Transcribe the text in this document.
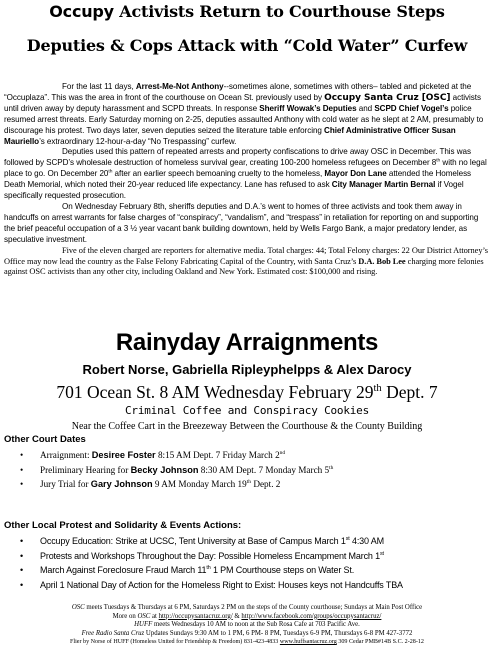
Occupy Activists Return to Courthouse Steps
Deputies & Cops Attack with “Cold Water” Curfew

For the last 11 days, Arrest-Me-Not Anthony--sometimes alone, sometimes with others– tabled and picketed at the “Occuplaza”. This was the area in front of the courthouse on Ocean St. previously used by Occupy Santa Cruz [OSC] activists until driven away by deputy harassment and SCPD threats. In response Sheriff Wowak’s Deputies and SCPD Chief Vogel’s police resumed arrest threats. Early Saturday morning on 2-25, deputies assaulted Anthony with cold water as he slept at 2 AM, presumably to discourage his protest. Two days later, seven deputies seized the literature table enforcing Chief Administrative Officer Susan Mauriello’s extraordinary 12-hour-a-day “No Trespassing” curfew.

Deputies used this pattern of repeated arrests and property confiscations to drive away OSC in December. This was followed by SCPD’s wholesale destruction of homeless survival gear, creating 100-200 homeless refugees on December 8th with no legal place to go. On December 20th after an earlier speech bemoaning cruelty to the homeless, Mayor Don Lane attended the Homeless Death Memorial, which noted their 20-year reduced life expectancy. Lane has refused to ask City Manager Martin Bernal if Vogel specifically requested prosecution.

On Wednesday February 8th, sheriffs deputies and D.A.’s went to homes of three activists and took them away in handcuffs on arrest warrants for false charges of “conspiracy”, “vandalism”, and “trespass” in retaliation for reporting on and supporting the brief peaceful occupation of a 3 ½ year vacant bank building downtown, held by Wells Fargo Bank, a major predatory lender, as speculative investment.

Five of the eleven charged are reporters for alternative media. Total charges: 44; Total Felony charges: 22 Our District Attorney’s Office may now lead the country as the False Felony Fabricating Capital of the Country, with Santa Cruz’s D.A. Bob Lee charging more felonies against OSC activists than any other city, including Oakland and New York. Estimated cost: $100,000 and rising.

Rainyday Arraignments
Robert Norse, Gabriella Ripleyphelpps & Alex Darocy
701 Ocean St. 8 AM Wednesday February 29th Dept. 7
Criminal Coffee and Conspiracy Cookies
Near the Coffee Cart in the Breezeway Between the Courthouse & the County Building
Other Court Dates
• Arraignment: Desiree Foster 8:15 AM Dept. 7 Friday March 2nd
• Preliminary Hearing for Becky Johnson 8:30 AM Dept. 7 Monday March 5th
• Jury Trial for Gary Johnson 9 AM Monday March 19th Dept. 2
Other Local Protest and Solidarity & Events Actions:
• Occupy Education: Strike at UCSC, Tent University at Base of Campus March 1st 4:30 AM
• Protests and Workshops Throughout the Day: Possible Homeless Encampment March 1st
• March Against Foreclosure Fraud March 11th 1 PM Courthouse steps on Water St.
• April 1 National Day of Action for the Homeless Right to Exist: Houses keys not Handcuffs TBA
OSC meets Tuesdays & Thursdays at 6 PM, Saturdays 2 PM on the steps of the County courthouse; Sundays at Main Post Office
More on OSC at http://occupysantacruz.org/ & http://www.facebook.com/groups/occupysantacruz/
HUFF meets Wednesdays 10 AM to noon at the Sub Rosa Cafe at 703 Pacific Ave.
Free Radio Santa Cruz Updates Sundays 9:30 AM to 1 PM, 6 PM- 8 PM, Tuesdays 6-9 PM, Thursdays 6-8 PM 427-3772
Flier by Norse of HUFF (Homeless United for Friendship & Freedom) 831-423-4833 www.huffsantacruz.org 309 Cedar PMB#14B S.C. 2-28-12
